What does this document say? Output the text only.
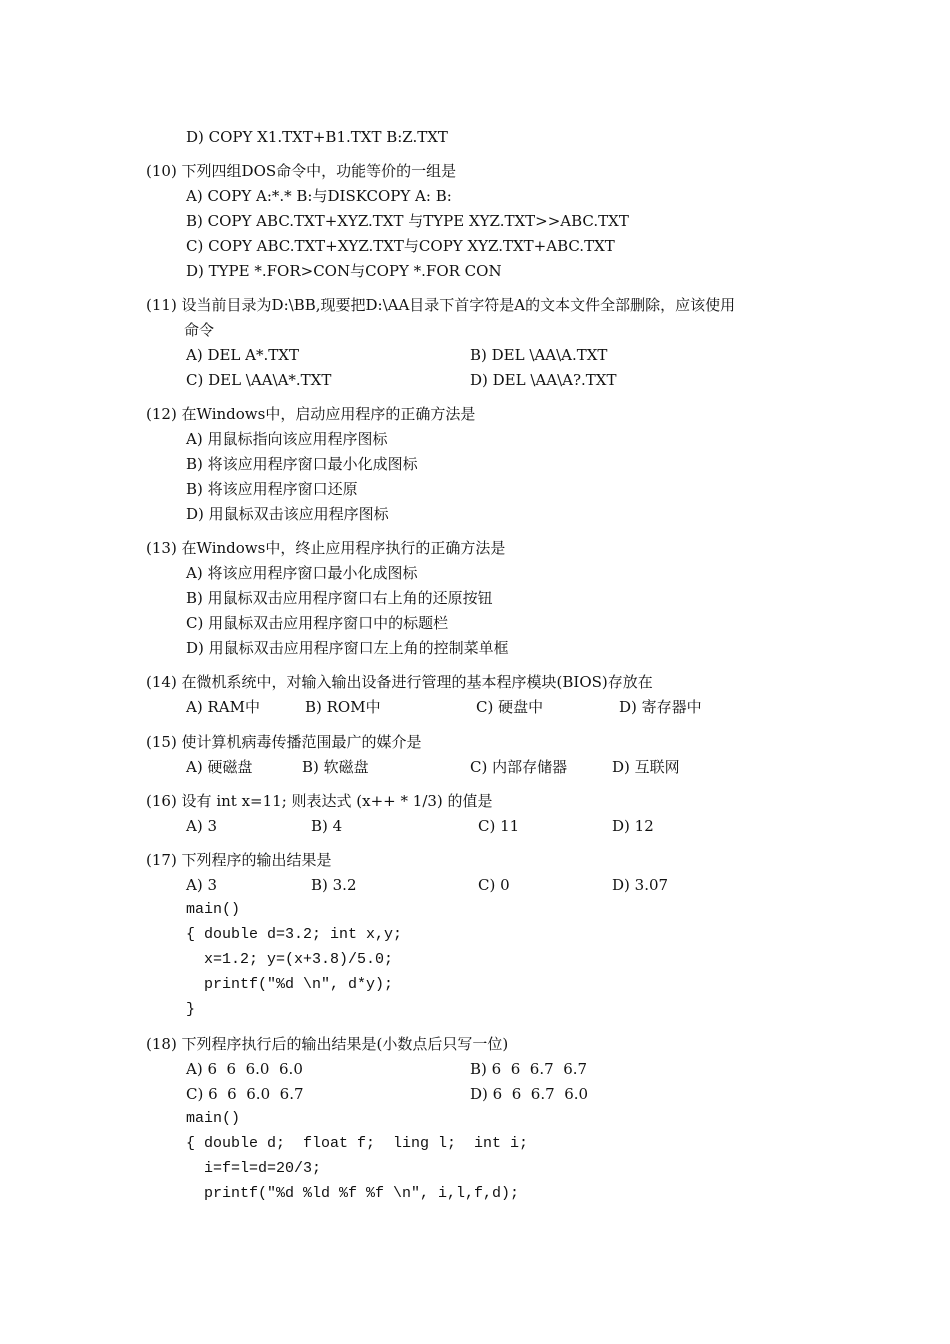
D) COPY X1.TXT+B1.TXT B:Z.TXT
(10) 下列四组DOS命令中，功能等价的一组是
A) COPY A:*.* B:与DISKCOPY A: B:
B) COPY ABC.TXT+XYZ.TXT 与TYPE XYZ.TXT>>ABC.TXT
C) COPY ABC.TXT+XYZ.TXT与COPY XYZ.TXT+ABC.TXT
D) TYPE *.FOR>CON与COPY *.FOR CON
(11) 设当前目录为D:\BB,现要把D:\AA目录下首字符是A的文本文件全部删除，应该使用
命令
A) DEL A*.TXT	B) DEL \AA\A.TXT
C) DEL \AA\A*.TXT	D) DEL \AA\A?.TXT
(12) 在Windows中，启动应用程序的正确方法是
A) 用鼠标指向该应用程序图标
B) 将该应用程序窗口最小化成图标
B) 将该应用程序窗口还原
D) 用鼠标双击该应用程序图标
(13) 在Windows中，终止应用程序执行的正确方法是
A) 将该应用程序窗口最小化成图标
B) 用鼠标双击应用程序窗口右上角的还原按钮
C) 用鼠标双击应用程序窗口中的标题栏
D) 用鼠标双击应用程序窗口左上角的控制菜单框
(14) 在微机系统中，对输入输出设备进行管理的基本程序模块(BIOS)存放在
A) RAM中	B) ROM中	C) 硬盘中	D) 寄存器中
(15) 使计算机病毒传播范围最广的媒介是
A) 硬磁盘	B) 软磁盘	C) 内部存储器	D) 互联网
(16) 设有 int x=11; 则表达式 (x++ * 1/3) 的值是
A) 3	B) 4	C) 11	D) 12
(17) 下列程序的输出结果是
A) 3	B) 3.2	C) 0	D) 3.07
main()
{ double d=3.2; int x,y;
x=1.2; y=(x+3.8)/5.0;
printf("%d \n", d*y);
}
(18) 下列程序执行后的输出结果是(小数点后只写一位)
A) 6  6  6.0  6.0	B) 6  6  6.7  6.7
C) 6  6  6.0  6.7	D) 6  6  6.7  6.0
main()
{ double d;  float f;  ling l;  int i;
i=f=l=d=20/3;
printf("%d %ld %f %f \n", i,l,f,d);
